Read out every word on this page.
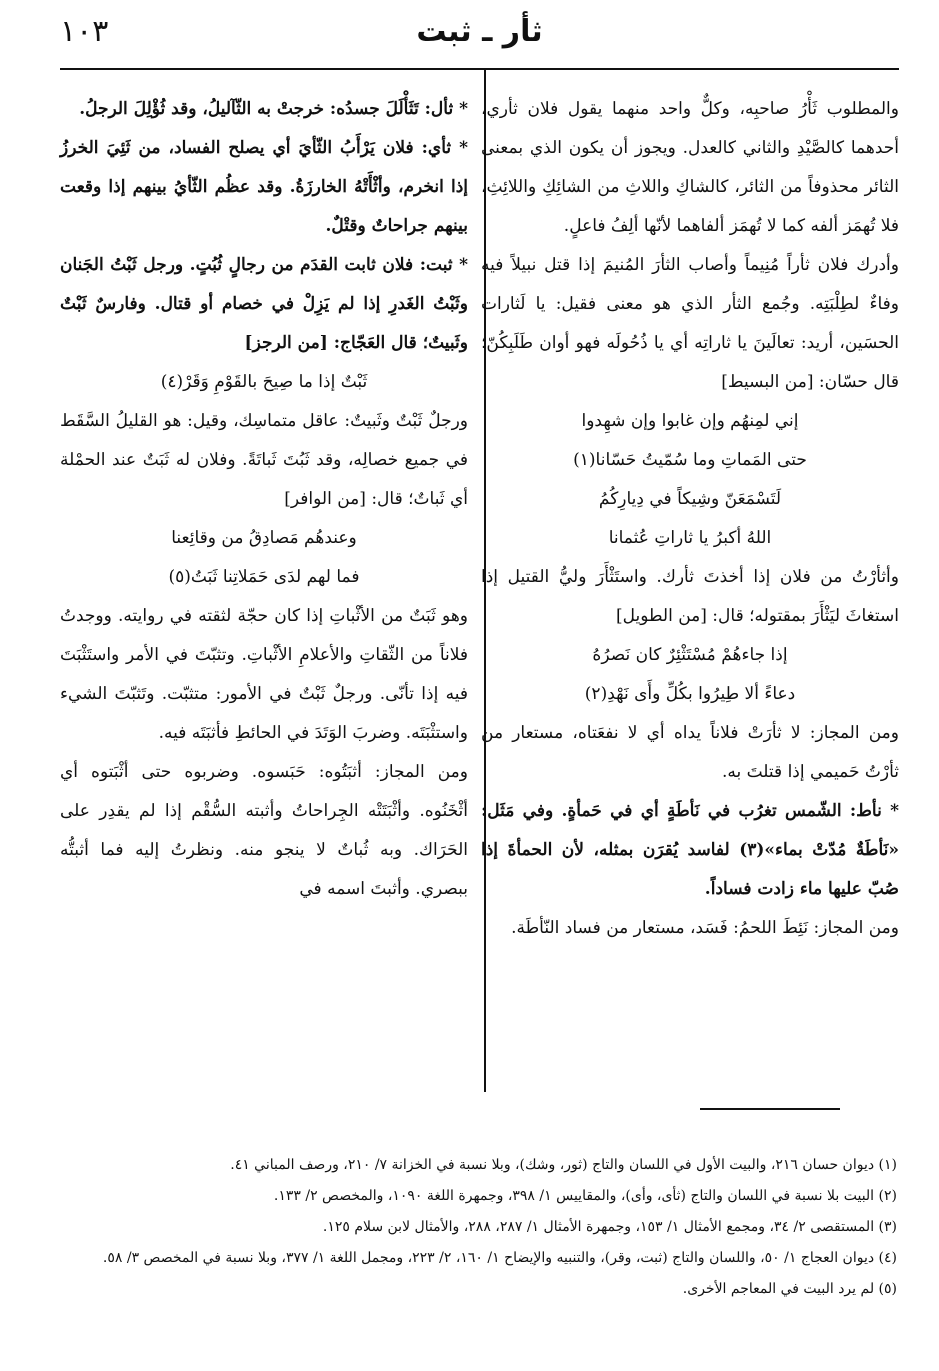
١٠٣	ثأر ـ ثبت

والمطلوب ثَأْرُ صاحبِه، وكلٌّ واحد منهما يقول فلان ثأري، أحدهما كالصَّيْدِ والثاني كالعدل. ويجوز أن يكون الذي بمعنى الثائر محذوفاً من الثائر، كالشاكِ واللاثِ من الشائِكِ واللائِثِ، فلا تُهمَز ألفه كما لا تُهمَز ألفاهما لأنّها ألِفُ فاعلٍ.

وأدرك فلان ثأراً مُنِيماً وأصاب الثأرَ المُنيمَ إذا قتل نبيلاً فيه وفاءٌ لطِلْبَتِه. وجُمع الثأر الذي هو معنى فقيل: يا لَثارات الحسَين، أريد: تعالَينَ يا ثاراتِه أي يا ذُحُولَه فهو أوان طَلَبِكُنّ؛ قال حسّان: [من البسيط]

إني لمِنهُم وإن غابوا وإن شهِدوا

حتى المَماتِ وما سُمّيتُ حَسّانا(١)

لَتَسْمَعَنّ وشِيكاً في دِيارِكُمُ

اللهُ أكبرُ يا ثاراتِ عُثمانا

وأثأرْتُ من فلان إذا أخذتَ ثأرك. واستَثْأَرَ وليُّ القتيل إذا استغاثَ ليَثْأَرَ بمقتوله؛ قال: [من الطويل]

إذا جاءهُمْ مُسْتَثْئِرٌ كان نَصرُهُ

دعاءً ألا طِيرُوا بكُلِّ وأَى نَهْدِ(٢)

ومن المجاز: لا ثأرَتْ فلاناً يداه أي لا نفعَتاه، مستعار من ثأرْتُ حَميمي إذا قتلتَ به.

* نأط: الشّمس تغرُب في نَأطَةٍ أي في حَمأةٍ. وفي مَثَل: «نَأطَةٌ مُدّتْ بماء»(٣) لفاسد يُقرَن بمثله، لأن الحمأةَ إذا صُبّ عليها ماء زادت فساداً.

ومن المجاز: نَئِطَ اللحمُ: فَسَد، مستعار من فساد النّأطَة.

* ثأل: تَثَأْلَلَ جسدُه: خرجتْ به الثّآليلُ، وقد ثُؤْلِلَ الرجلُ.

* ثأي: فلان يَرْأَبُ الثّأيَ أي يصلح الفساد، من ثَئِيَ الخرزُ إذا انخرم، وأثْأَتْهُ الخارزَةُ. وقد عظُم الثّأيُ بينهم إذا وقعت بينهم جراحاتٌ وقتْلٌ.

* ثبت: فلان ثابت القدَم من رجالٍ ثُبُتٍ. ورجل ثَبْتُ الجَنان وثَبْتُ الغَدرِ إذا لم يَزِلْ في خصام أو قتال. وفارسٌ ثَبْتٌ وثَبيتٌ؛ قال العَجّاج: [من الرجز]

ثَبْتٌ إذا ما صِيحَ بالقَوْمِ وَقَرْ(٤)

ورجلٌ ثَبْتٌ وثَبيتٌ: عاقل متماسِك، وقيل: هو القليلُ السَّقَط في جميع خصالِه، وقد ثَبُتَ ثَباتَةً. وفلان له ثَبَتٌ عند الحمْلة أي ثَباتٌ؛ قال: [من الوافر]

وعندهُم مَصادِقُ من وقائِعنا

فما لهم لدَى حَمَلاتِنا ثَبَتُ(٥)

وهو ثَبَتٌ من الأثْباتِ إذا كان حجّة لثقته في روايته. ووجدتُ فلاناً من الثّقاتِ والأعلامِ الأثْباتِ. وتثبّتَ في الأمر واستَثْبَتَ فيه إذا تأنّى. ورجلٌ ثَبْتٌ في الأمور: متثبّت. وتَثبّتَ الشيء واستثْبَتَه. وضربَ الوَتَدَ في الحائطِ فأثبَتَه فيه.

ومن المجاز: أثبَتُوه: حَبَسوه. وضربوه حتى أثْبَتوه أي أثْخَنُوه. وأثْبَتَتْه الجِراحاتُ وأثبته السُّقْم إذا لم يقدِر على الحَرَاك. وبه ثُباتٌ لا ينجو منه. ونظرتُ إليه فما أثبتُّه ببصري. وأثبتَ اسمه في

(١) ديوان حسان ٢١٦، والبيت الأول في اللسان والتاج (ثور، وشك)، وبلا نسبة في الخزانة ٧/ ٢١٠، ورصف المباني ٤١.

(٢) البيت بلا نسبة في اللسان والتاج (ثأى، وأى)، والمقاييس ١/ ٣٩٨، وجمهرة اللغة ١٠٩٠، والمخصص ٢/ ١٣٣.

(٣) المستقصى ٢/ ٣٤، ومجمع الأمثال ١/ ١٥٣، وجمهرة الأمثال ١/ ٢٨٧، ٢٨٨، والأمثال لابن سلام ١٢٥.

(٤) ديوان العجاج ١/ ٥٠، واللسان والتاج (ثبت، وقر)، والتنبيه والإيضاح ١/ ١٦٠، ٢/ ٢٢٣، ومجمل اللغة ١/ ٣٧٧، وبلا نسبة في المخصص ٣/ ٥٨.

(٥) لم يرد البيت في المعاجم الأخرى.
